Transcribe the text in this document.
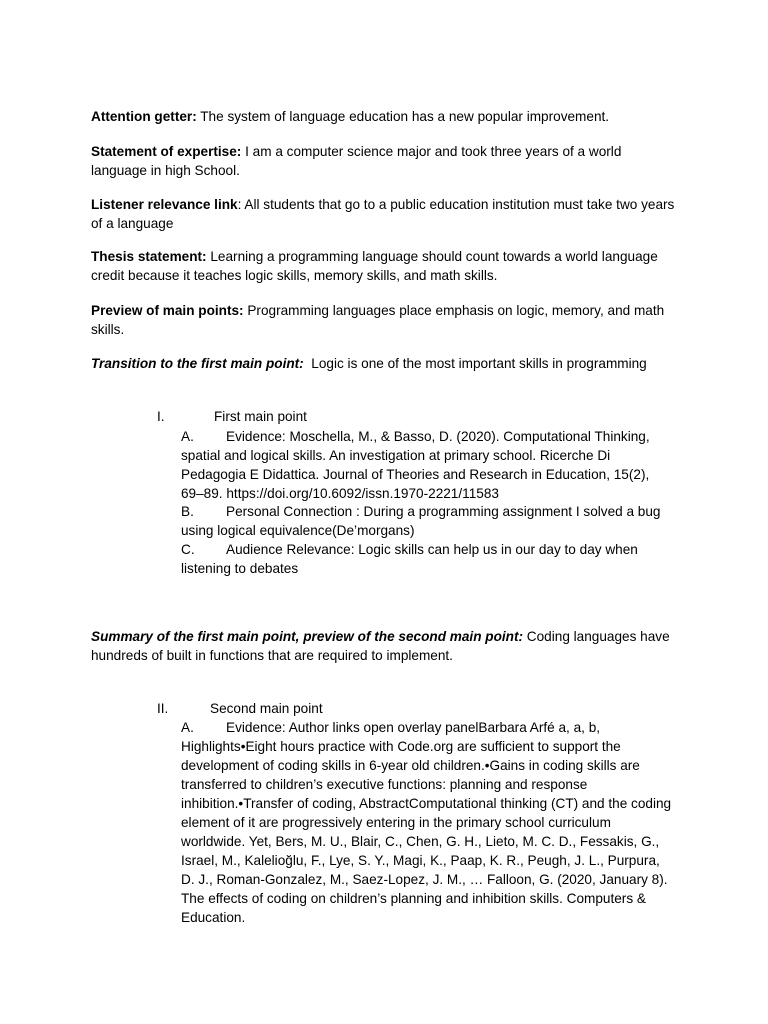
Attention getter: The system of language education has a new popular improvement.

Statement of expertise: I am a computer science major and took three years of a world language in high School.

Listener relevance link: All students that go to a public education institution must take two years of a language

Thesis statement: Learning a programming language should count towards a world language credit because it teaches logic skills, memory skills, and math skills.

Preview of main points: Programming languages place emphasis on logic, memory, and math skills.

Transition to the first main point:  Logic is one of the most important skills in programming

I.	First main point

A. Evidence: Moschella, M., & Basso, D. (2020). Computational Thinking, spatial and logical skills. An investigation at primary school. Ricerche Di Pedagogia E Didattica. Journal of Theories and Research in Education, 15(2), 69–89. https://doi.org/10.6092/issn.1970-2221/11583

B. Personal Connection : During a programming assignment I solved a bug using logical equivalence(De’morgans)

C. Audience Relevance: Logic skills can help us in our day to day when listening to debates

Summary of the first main point, preview of the second main point: Coding languages have hundreds of built in functions that are required to implement.

II.	Second main point

A. Evidence: Author links open overlay panelBarbara Arfé a, a, b, Highlights•Eight hours practice with Code.org are sufficient to support the development of coding skills in 6-year old children.•Gains in coding skills are transferred to children’s executive functions: planning and response inhibition.•Transfer of coding, AbstractComputational thinking (CT) and the coding element of it are progressively entering in the primary school curriculum worldwide. Yet, Bers, M. U., Blair, C., Chen, G. H., Lieto, M. C. D., Fessakis, G., Israel, M., Kalelioğlu, F., Lye, S. Y., Magi, K., Paap, K. R., Peugh, J. L., Purpura, D. J., Roman-Gonzalez, M., Saez-Lopez, J. M., … Falloon, G. (2020, January 8). The effects of coding on children’s planning and inhibition skills. Computers & Education.
